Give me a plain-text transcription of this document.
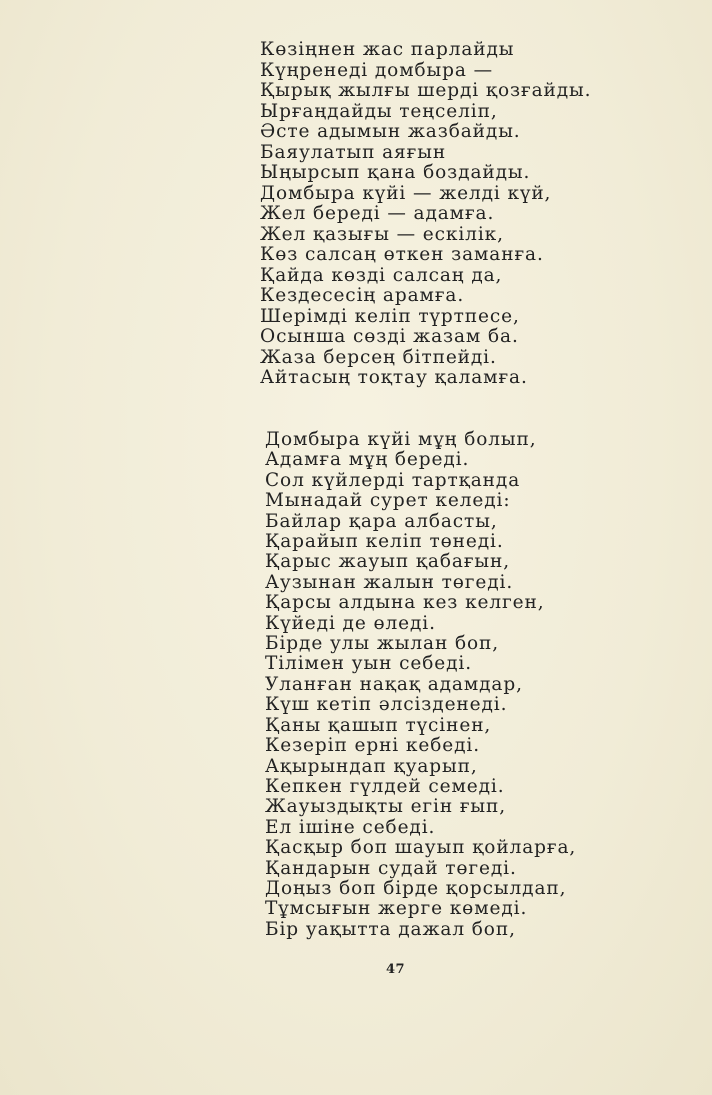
Көзіңнен жас парлайды
Күңренеді домбыра —
Қырық жылғы шерді қозғайды.
Ырғаңдайды теңселіп,
Әсте адымын жазбайды.
Баяулатып аяғын
Ыңырсып қана боздайды.
Домбыра күйі — желді күй,
Жел береді — адамға.
Жел қазығы — ескілік,
Көз салсаң өткен заманға.
Қайда көзді салсаң да,
Кездесесің арамға.
Шерімді келіп түртпесе,
Осынша сөзді жазам ба.
Жаза берсең бітпейді.
Айтасың тоқтау қаламға.
Домбыра күйі мұң болып,
Адамға мұң береді.
Сол күйлерді тартқанда
Мынадай сурет келеді:
Байлар қара албасты,
Қарайып келіп төнеді.
Қарыс жауып қабағын,
Аузынан жалын төгеді.
Қарсы алдына кез келген,
Күйеді де өледі.
Бірде улы жылан боп,
Тілімен уын себеді.
Уланған нақақ адамдар,
Күш кетіп әлсізденеді.
Қаны қашып түсінен,
Кезеріп ерні кебеді.
Ақырындап қуарып,
Кепкен гүлдей семеді.
Жауыздықты егін ғып,
Ел ішіне себеді.
Қасқыр боп шауып қойларға,
Қандарын судай төгеді.
Доңыз боп бірде қорсылдап,
Тұмсығын жерге көмеді.
Бір уақытта дажал боп,
47
